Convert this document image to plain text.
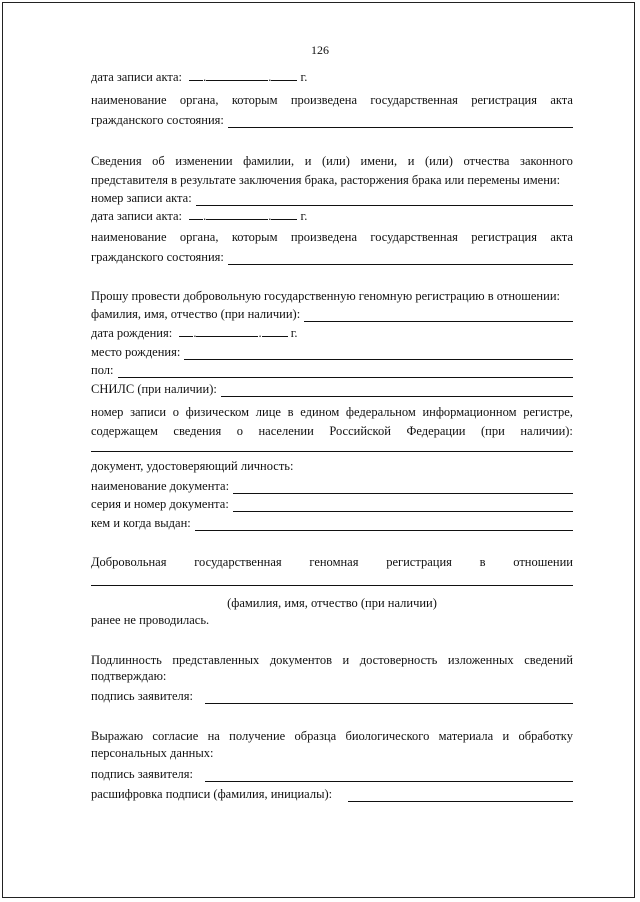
126
дата записи акта: .	. г.
наименование органа, которым произведена государственная регистрация акта
гражданского состояния:
Сведения об изменении фамилии, и (или) имени, и (или) отчества законного
представителя в результате заключения брака, расторжения брака или перемены имени:
номер записи акта:
дата записи акта: .	. г.
наименование органа, которым произведена государственная регистрация акта
гражданского состояния:
Прошу провести добровольную государственную геномную регистрацию в отношении:
фамилия, имя, отчество (при наличии):
дата рождения: .	. г.
место рождения:
пол:
СНИЛС (при наличии):
номер записи о физическом лице в едином федеральном информационном регистре,
содержащем сведения о населении Российской Федерации (при наличии):
документ, удостоверяющий личность:
наименование документа:
серия и номер документа:
кем и когда выдан:
Добровольная государственная геномная регистрация в отношении
(фамилия, имя, отчество (при наличии)
ранее не проводилась.
Подлинность представленных документов и достоверность изложенных сведений
подтверждаю:
подпись заявителя:
Выражаю согласие на получение образца биологического материала и обработку
персональных данных:
подпись заявителя:
расшифровка подписи (фамилия, инициалы):
